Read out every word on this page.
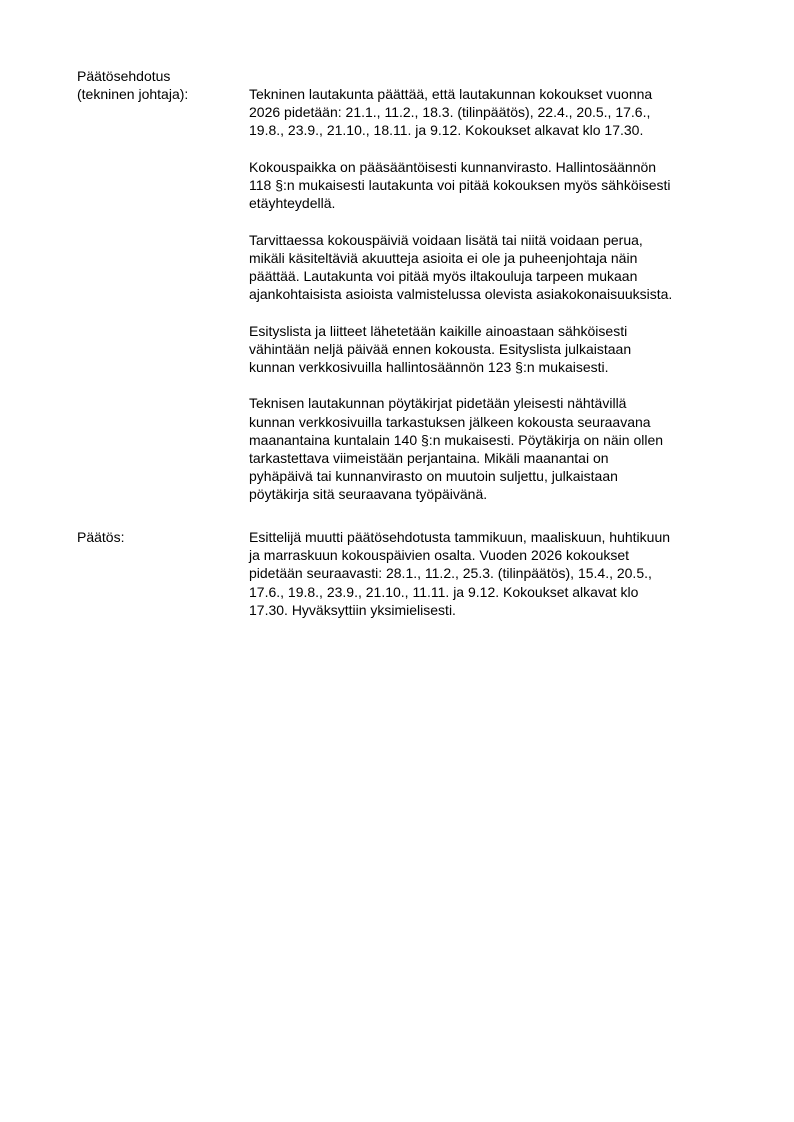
Päätösehdotus
(tekninen johtaja):	Tekninen lautakunta päättää, että lautakunnan kokoukset vuonna
2026 pidetään: 21.1., 11.2., 18.3. (tilinpäätös), 22.4., 20.5., 17.6.,
19.8., 23.9., 21.10., 18.11. ja 9.12. Kokoukset alkavat klo 17.30.

Kokouspaikka on pääsääntöisesti kunnanvirasto. Hallintosäännön
118 §:n mukaisesti lautakunta voi pitää kokouksen myös sähköisesti
etäyhteydellä.

Tarvittaessa kokouspäiviä voidaan lisätä tai niitä voidaan perua,
mikäli käsiteltäviä akuutteja asioita ei ole ja puheenjohtaja näin
päättää. Lautakunta voi pitää myös iltakouluja tarpeen mukaan
ajankohtaisista asioista valmistelussa olevista asiakokonaisuuksista.

Esityslista ja liitteet lähetetään kaikille ainoastaan sähköisesti
vähintään neljä päivää ennen kokousta. Esityslista julkaistaan
kunnan verkkosivuilla hallintosäännön 123 §:n mukaisesti.

Teknisen lautakunnan pöytäkirjat pidetään yleisesti nähtävillä
kunnan verkkosivuilla tarkastuksen jälkeen kokousta seuraavana
maanantaina kuntalain 140 §:n mukaisesti. Pöytäkirja on näin ollen
tarkastettava viimeistään perjantaina. Mikäli maanantai on
pyhäpäivä tai kunnanvirasto on muutoin suljettu, julkaistaan
pöytäkirja sitä seuraavana työpäivänä.

Päätös:	Esittelijä muutti päätösehdotusta tammikuun, maaliskuun, huhtikuun
ja marraskuun kokouspäivien osalta. Vuoden 2026 kokoukset
pidetään seuraavasti: 28.1., 11.2., 25.3. (tilinpäätös), 15.4., 20.5.,
17.6., 19.8., 23.9., 21.10., 11.11. ja 9.12. Kokoukset alkavat klo
17.30. Hyväksyttiin yksimielisesti.
